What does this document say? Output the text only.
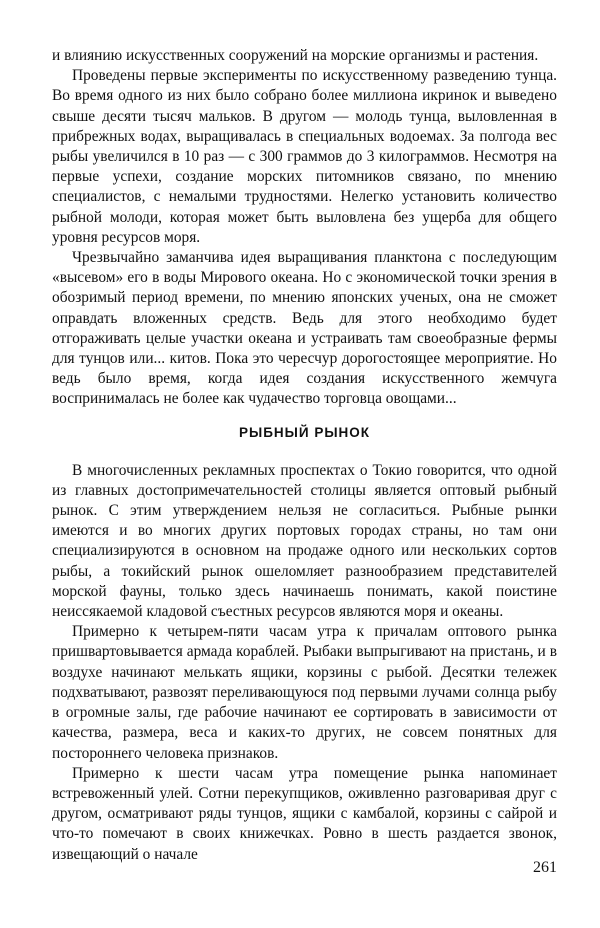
и влиянию искусственных сооружений на морские организмы и растения.

Проведены первые эксперименты по искусственному разведению тунца. Во время одного из них было собрано более миллиона икринок и выведено свыше десяти тысяч мальков. В другом — молодь тунца, выловленная в прибрежных водах, выращивалась в специальных водоемах. За полгода вес рыбы увеличился в 10 раз — с 300 граммов до 3 килограммов. Несмотря на первые успехи, создание морских питомников связано, по мнению специалистов, с немалыми трудностями. Нелегко установить количество рыбной молоди, которая может быть выловлена без ущерба для общего уровня ресурсов моря.

Чрезвычайно заманчива идея выращивания планктона с последующим «высевом» его в воды Мирового океана. Но с экономической точки зрения в обозримый период времени, по мнению японских ученых, она не сможет оправдать вложенных средств. Ведь для этого необходимо будет отгораживать целые участки океана и устраивать там своеобразные фермы для тунцов или... китов. Пока это чересчур дорогостоящее мероприятие. Но ведь было время, когда идея создания искусственного жемчуга воспринималась не более как чудачество торговца овощами...

РЫБНЫЙ РЫНОК

В многочисленных рекламных проспектах о Токио говорится, что одной из главных достопримечательностей столицы является оптовый рыбный рынок. С этим утверждением нельзя не согласиться. Рыбные рынки имеются и во многих других портовых городах страны, но там они специализируются в основном на продаже одного или нескольких сортов рыбы, а токийский рынок ошеломляет разнообразием представителей морской фауны, только здесь начинаешь понимать, какой поистине неиссякаемой кладовой съестных ресурсов являются моря и океаны.

Примерно к четырем-пяти часам утра к причалам оптового рынка пришвартовывается армада кораблей. Рыбаки выпрыгивают на пристань, и в воздухе начинают мелькать ящики, корзины с рыбой. Десятки тележек подхватывают, развозят переливающуюся под первыми лучами солнца рыбу в огромные залы, где рабочие начинают ее сортировать в зависимости от качества, размера, веса и каких-то других, не совсем понятных для постороннего человека признаков.

Примерно к шести часам утра помещение рынка напоминает встревоженный улей. Сотни перекупщиков, оживленно разговаривая друг с другом, осматривают ряды тунцов, ящики с камбалой, корзины с сайрой и что-то помечают в своих книжечках. Ровно в шесть раздается звонок, извещающий о начале

261
